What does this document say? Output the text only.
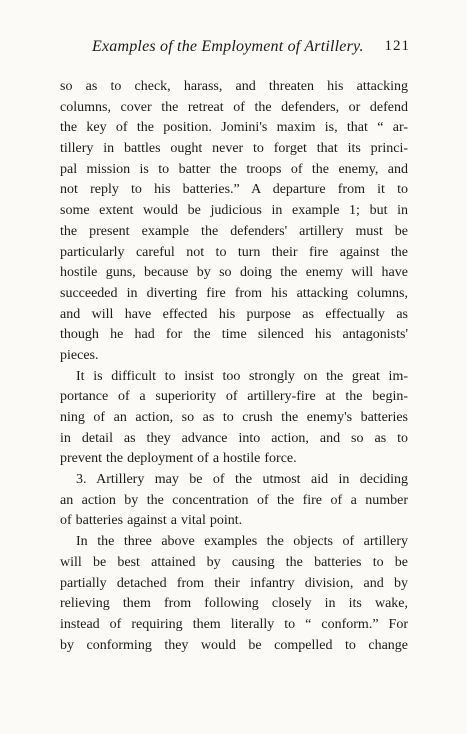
Examples of the Employment of Artillery. 121
so as to check, harass, and threaten his attacking
columns, cover the retreat of the defenders, or defend
the key of the position. Jomini's maxim is, that “ ar-
tillery in battles ought never to forget that its princi-
pal mission is to batter the troops of the enemy, and
not reply to his batteries.” A departure from it to
some extent would be judicious in example 1; but in
the present example the defenders' artillery must be
particularly careful not to turn their fire against the
hostile guns, because by so doing the enemy will have
succeeded in diverting fire from his attacking columns,
and will have effected his purpose as effectually as
though he had for the time silenced his antagonists'
pieces.
It is difficult to insist too strongly on the great im-
portance of a superiority of artillery-fire at the begin-
ning of an action, so as to crush the enemy's batteries
in detail as they advance into action, and so as to
prevent the deployment of a hostile force.
3. Artillery may be of the utmost aid in deciding
an action by the concentration of the fire of a number
of batteries against a vital point.
In the three above examples the objects of artillery
will be best attained by causing the batteries to be
partially detached from their infantry division, and by
relieving them from following closely in its wake,
instead of requiring them literally to “ conform.” For
by conforming they would be compelled to change
